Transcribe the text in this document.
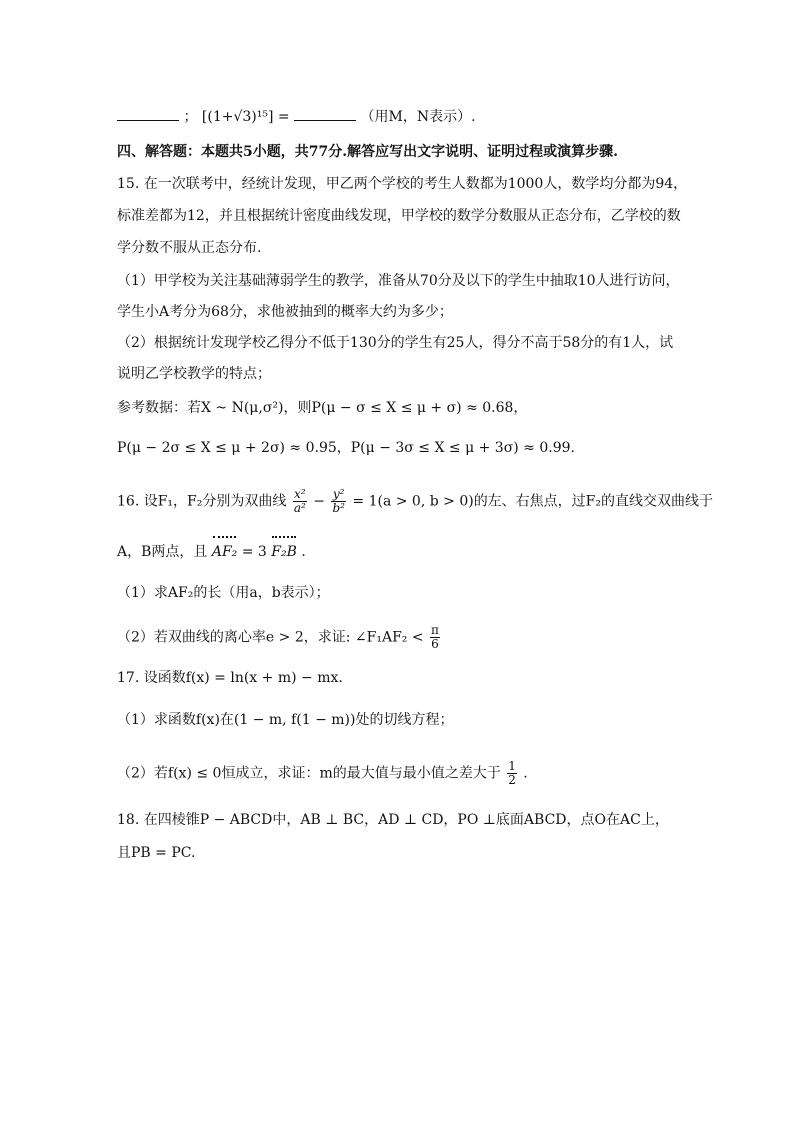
； [(1+√3)¹⁵] =	（用M，N表示）.
四、解答题：本题共5小题，共77分.解答应写出文字说明、证明过程或演算步骤.
15. 在一次联考中，经统计发现，甲乙两个学校的考生人数都为1000人，数学均分都为94，
标准差都为12，并且根据统计密度曲线发现，甲学校的数学分数服从正态分布，乙学校的数
学分数不服从正态分布.
（1）甲学校为关注基础薄弱学生的教学，准备从70分及以下的学生中抽取10人进行访问，
学生小A考分为68分，求他被抽到的概率大约为多少；
（2）根据统计发现学校乙得分不低于130分的学生有25人，得分不高于58分的有1人，试
说明乙学校教学的特点；
参考数据：若X ~ N(μ,σ²)，则P(μ − σ ≤ X ≤ μ + σ) ≈ 0.68，
P(μ − 2σ ≤ X ≤ μ + 2σ) ≈ 0.95，P(μ − 3σ ≤ X ≤ μ + 3σ) ≈ 0.99.
16. 设F₁，F₂分别为双曲线 $\frac{\text{x²}}{\text{a²}} - \frac{\text{y²}}{\text{b²}} = 1(a > 0$, b > 0)的左、右焦点，过F₂的直线交双曲线于
A，B两点，且 AF₂ = 3 F₂B .
（1）求AF₂的长（用a，b表示）；
（2）若双曲线的离心率e > 2，求证: ∠F₁AF₂ < $\frac{\pi}{6}$
17. 设函数f(x) = ln(x + m) − mx.
（1）求函数f(x)在(1 − m, f(1 − m))处的切线方程；
（2）若f(x) ≤ 0恒成立，求证：m的最大值与最小值之差大于 $\frac{1}{2}$ .
18. 在四棱锥P − ABCD中，AB ⊥ BC，AD ⊥ CD，PO ⊥底面ABCD，点O在AC上，
且PB = PC.
